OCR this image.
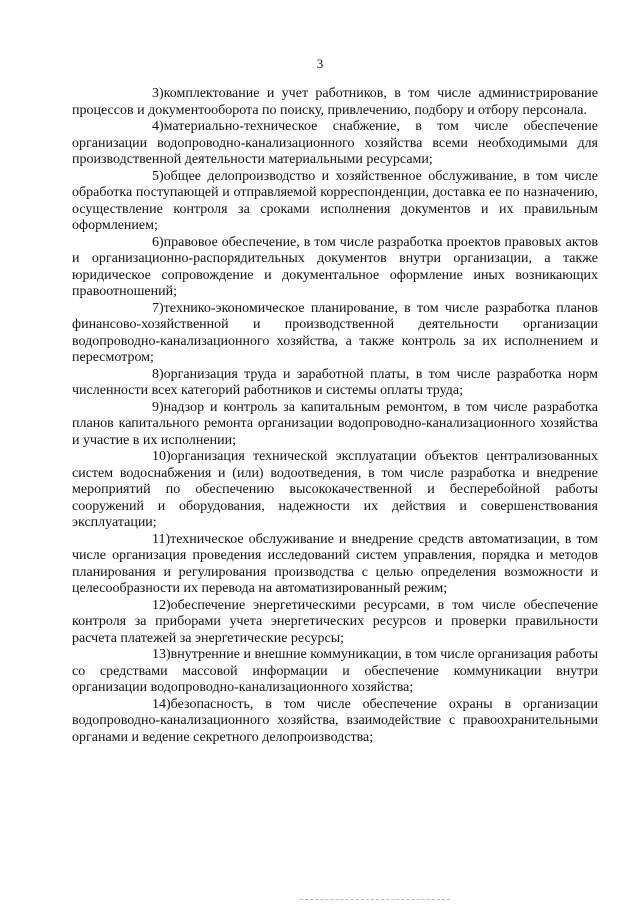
3

3)комплектование и учет работников, в том числе администрирование процессов и документооборота по поиску, привлечению, подбору и отбору персонала.

4)материально-техническое снабжение, в том числе обеспечение организации водопроводно-канализационного хозяйства всеми необходимыми для производственной деятельности материальными ресурсами;

5)общее делопроизводство и хозяйственное обслуживание, в том числе обработка поступающей и отправляемой корреспонденции, доставка ее по назначению, осуществление контроля за сроками исполнения документов и их правильным оформлением;

6)правовое обеспечение, в том числе разработка проектов правовых актов и организационно-распорядительных документов внутри организации, а также юридическое сопровождение и документальное оформление иных возникающих правоотношений;

7)технико-экономическое планирование, в том числе разработка планов финансово-хозяйственной и производственной деятельности организации водопроводно-канализационного хозяйства, а также контроль за их исполнением и пересмотром;

8)организация труда и заработной платы, в том числе разработка норм численности всех категорий работников и системы оплаты труда;

9)надзор и контроль за капитальным ремонтом, в том числе разработка планов капитального ремонта организации водопроводно-канализационного хозяйства и участие в их исполнении;

10)организация технической эксплуатации объектов централизованных систем водоснабжения и (или) водоотведения, в том числе разработка и внедрение мероприятий по обеспечению высококачественной и бесперебойной работы сооружений и оборудования, надежности их действия и совершенствования эксплуатации;

11)техническое обслуживание и внедрение средств автоматизации, в том числе организация проведения исследований систем управления, порядка и методов планирования и регулирования производства с целью определения возможности и целесообразности их перевода на автоматизированный режим;

12)обеспечение энергетическими ресурсами, в том числе обеспечение контроля за приборами учета энергетических ресурсов и проверки правильности расчета платежей за энергетические ресурсы;

13)внутренние и внешние коммуникации, в том числе организация работы со средствами массовой информации и обеспечение коммуникации внутри организации водопроводно-канализационного хозяйства;

14)безопасность, в том числе обеспечение охраны в организации водопроводно-канализационного хозяйства, взаимодействие с правоохранительными органами и ведение секретного делопроизводства;
